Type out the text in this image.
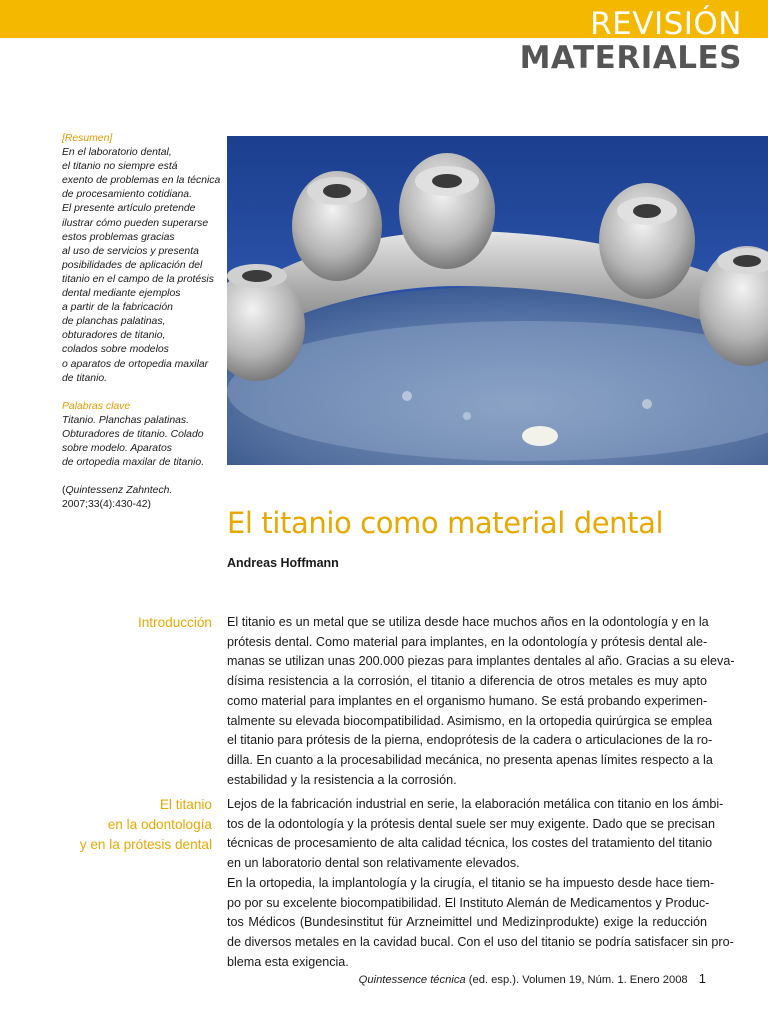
REVISIÓN
MATERIALES

[Resumen]

En el laboratorio dental,

el titanio no siempre está

exento de problemas en la técnica

de procesamiento cotidiana.

El presente artículo pretende

ilustrar cómo pueden superarse

estos problemas gracias

al uso de servicios y presenta

posibilidades de aplicación del

titanio en el campo de la protésis

dental mediante ejemplos

a partir de la fabricación

de planchas palatinas,

obturadores de titanio,

colados sobre modelos

o aparatos de ortopedia maxilar

de titanio.

Palabras clave

Titanio. Planchas palatinas.

Obturadores de titanio. Colado

sobre modelo. Aparatos

de ortopedia maxilar de titanio.

(Quintessenz Zahntech.

2007;33(4):430-42)

El titanio como material dental
Andreas Hoffmann
Introducción El titanio es un metal que se utiliza desde hace muchos años en la odontología y en la
prótesis dental. Como material para implantes, en la odontología y prótesis dental ale-
manas se utilizan unas 200.000 piezas para implantes dentales al año. Gracias a su eleva-
dísima resistencia a la corrosión, el titanio a diferencia de otros metales es muy apto
como material para implantes en el organismo humano. Se está probando experimen-
talmente su elevada biocompatibilidad. Asimismo, en la ortopedia quirúrgica se emplea
el titanio para prótesis de la pierna, endoprótesis de la cadera o articulaciones de la ro-
dilla. En cuanto a la procesabilidad mecánica, no presenta apenas límites respecto a la
estabilidad y la resistencia a la corrosión.
El titanio
en la odontología
y en la prótesis dental
Lejos de la fabricación industrial en serie, la elaboración metálica con titanio en los ámbi-
tos de la odontología y la prótesis dental suele ser muy exigente. Dado que se precisan
técnicas de procesamiento de alta calidad técnica, los costes del tratamiento del titanio
en un laboratorio dental son relativamente elevados.
En la ortopedia, la implantología y la cirugía, el titanio se ha impuesto desde hace tiem-
po por su excelente biocompatibilidad. El Instituto Alemán de Medicamentos y Produc-
tos Médicos (Bundesinstitut für Arzneimittel und Medizinprodukte) exige la reducción
de diversos metales en la cavidad bucal. Con el uso del titanio se podría satisfacer sin pro-
blema esta exigencia.
Quintessence técnica (ed. esp.). Volumen 19, Núm. 1. Enero 2008 1
